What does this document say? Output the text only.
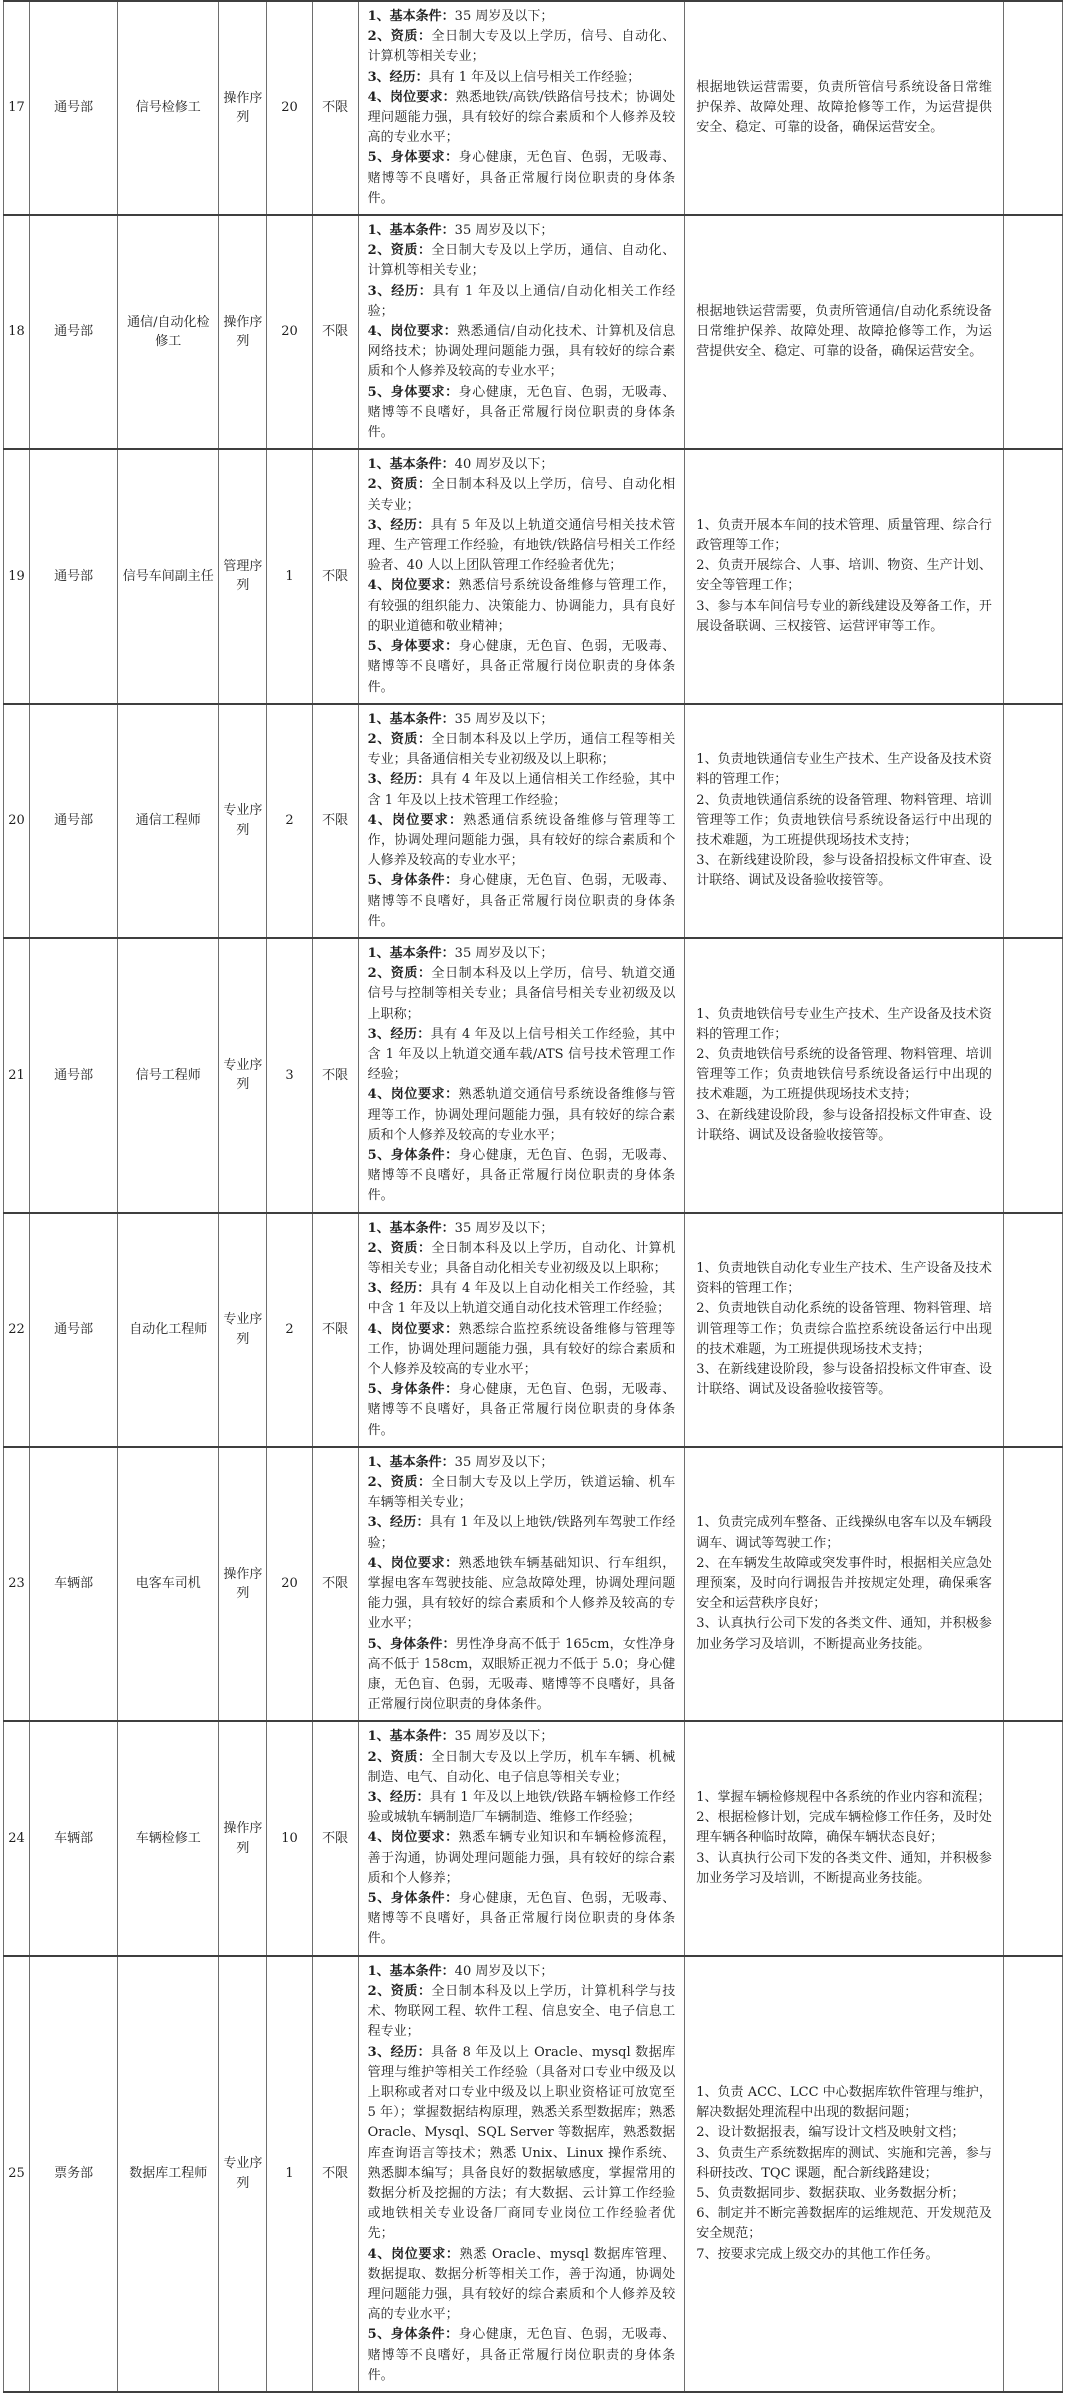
17	通号部	信号检修工	操作序列	20	不限	1、基本条件：35 周岁及以下；
2、资质：全日制大专及以上学历，信号、自动化、计算机等相关专业；
3、经历：具有 1 年及以上信号相关工作经验；
4、岗位要求：熟悉地铁/高铁/铁路信号技术；协调处理问题能力强，具有较好的综合素质和个人修养及较高的专业水平；
5、身体要求：身心健康，无色盲、色弱，无吸毒、赌博等不良嗜好，具备正常履行岗位职责的身体条件。	根据地铁运营需要，负责所管信号系统设备日常维护保养、故障处理、故障抢修等工作，为运营提供安全、稳定、可靠的设备，确保运营安全。	

18	通号部	通信/自动化检修工	操作序列	20	不限	1、基本条件：35 周岁及以下；
2、资质：全日制大专及以上学历，通信、自动化、计算机等相关专业；
3、经历：具有 1 年及以上通信/自动化相关工作经验；
4、岗位要求：熟悉通信/自动化技术、计算机及信息网络技术；协调处理问题能力强，具有较好的综合素质和个人修养及较高的专业水平；
5、身体要求：身心健康，无色盲、色弱，无吸毒、赌博等不良嗜好，具备正常履行岗位职责的身体条件。	根据地铁运营需要，负责所管通信/自动化系统设备日常维护保养、故障处理、故障抢修等工作，为运营提供安全、稳定、可靠的设备，确保运营安全。	

19	通号部	信号车间副主任	管理序列	1	不限	
1、基本条件：40 周岁及以下；
2、资质：全日制本科及以上学历，信号、自动化相关专业；
3、经历：具有 5 年及以上轨道交通信号相关技术管理、生产管理工作经验，有地铁/铁路信号相关工作经验者、40 人以上团队管理工作经验者优先；
4、岗位要求：熟悉信号系统设备维修与管理工作，有较强的组织能力、决策能力、协调能力，具有良好的职业道德和敬业精神；
5、身体要求：身心健康，无色盲、色弱，无吸毒、赌博等不良嗜好，具备正常履行岗位职责的身体条件。

1、负责开展本车间的技术管理、质量管理、综合行政管理等工作；
2、负责开展综合、人事、培训、物资、生产计划、安全等管理工作；
3、参与本车间信号专业的新线建设及筹备工作，开展设备联调、三权接管、运营评审等工作。

20	通号部	通信工程师	专业序列	2	不限	
1、基本条件：35 周岁及以下；
2、资质：全日制本科及以上学历，通信工程等相关专业；具备通信相关专业初级及以上职称；
3、经历：具有 4 年及以上通信相关工作经验，其中含 1 年及以上技术管理工作经验；
4、岗位要求：熟悉通信系统设备维修与管理等工作，协调处理问题能力强，具有较好的综合素质和个人修养及较高的专业水平；
5、身体条件：身心健康，无色盲、色弱，无吸毒、赌博等不良嗜好，具备正常履行岗位职责的身体条件。

1、负责地铁通信专业生产技术、生产设备及技术资料的管理工作；
2、负责地铁通信系统的设备管理、物料管理、培训管理等工作；负责地铁信号系统设备运行中出现的技术难题，为工班提供现场技术支持；
3、在新线建设阶段，参与设备招投标文件审查、设计联络、调试及设备验收接管等。

21	通号部	信号工程师	专业序列	3	不限	
1、基本条件：35 周岁及以下；
2、资质：全日制本科及以上学历，信号、轨道交通信号与控制等相关专业；具备信号相关专业初级及以上职称；
3、经历：具有 4 年及以上信号相关工作经验，其中含 1 年及以上轨道交通车载/ATS 信号技术管理工作经验；
4、岗位要求：熟悉轨道交通信号系统设备维修与管理等工作，协调处理问题能力强，具有较好的综合素质和个人修养及较高的专业水平；
5、身体条件：身心健康，无色盲、色弱，无吸毒、赌博等不良嗜好，具备正常履行岗位职责的身体条件。

1、负责地铁信号专业生产技术、生产设备及技术资料的管理工作；
2、负责地铁信号系统的设备管理、物料管理、培训管理等工作；负责地铁信号系统设备运行中出现的技术难题，为工班提供现场技术支持；
3、在新线建设阶段，参与设备招投标文件审查、设计联络、调试及设备验收接管等。

22	通号部	自动化工程师	专业序列	2	不限	
1、基本条件：35 周岁及以下；
2、资质：全日制本科及以上学历，自动化、计算机等相关专业；具备自动化相关专业初级及以上职称；
3、经历：具有 4 年及以上自动化相关工作经验，其中含 1 年及以上轨道交通自动化技术管理工作经验；
4、岗位要求：熟悉综合监控系统设备维修与管理等工作，协调处理问题能力强，具有较好的综合素质和个人修养及较高的专业水平；
5、身体条件：身心健康，无色盲、色弱，无吸毒、赌博等不良嗜好，具备正常履行岗位职责的身体条件。

1、负责地铁自动化专业生产技术、生产设备及技术资料的管理工作；
2、负责地铁自动化系统的设备管理、物料管理、培训管理等工作；负责综合监控系统设备运行中出现的技术难题，为工班提供现场技术支持；
3、在新线建设阶段，参与设备招投标文件审查、设计联络、调试及设备验收接管等。

23	车辆部	电客车司机	操作序列	20	不限	
1、基本条件：35 周岁及以下；
2、资质：全日制大专及以上学历，铁道运输、机车车辆等相关专业；
3、经历：具有 1 年及以上地铁/铁路列车驾驶工作经验；
4、岗位要求：熟悉地铁车辆基础知识、行车组织，掌握电客车驾驶技能、应急故障处理，协调处理问题能力强，具有较好的综合素质和个人修养及较高的专业水平；
5、身体条件：男性净身高不低于 165cm，女性净身高不低于 158cm，双眼矫正视力不低于 5.0；身心健康，无色盲、色弱，无吸毒、赌博等不良嗜好，具备正常履行岗位职责的身体条件。

1、负责完成列车整备、正线操纵电客车以及车辆段调车、调试等驾驶工作；
2、在车辆发生故障或突发事件时，根据相关应急处理预案，及时向行调报告并按规定处理，确保乘客安全和运营秩序良好；
3、认真执行公司下发的各类文件、通知，并积极参加业务学习及培训，不断提高业务技能。

24	车辆部	车辆检修工	操作序列	10	不限	
1、基本条件：35 周岁及以下；
2、资质：全日制大专及以上学历，机车车辆、机械制造、电气、自动化、电子信息等相关专业；
3、经历：具有 1 年及以上地铁/铁路车辆检修工作经验或城轨车辆制造厂车辆制造、维修工作经验；
4、岗位要求：熟悉车辆专业知识和车辆检修流程，善于沟通，协调处理问题能力强，具有较好的综合素质和个人修养；
5、身体条件：身心健康，无色盲、色弱，无吸毒、赌博等不良嗜好，具备正常履行岗位职责的身体条件。

1、掌握车辆检修规程中各系统的作业内容和流程；
2、根据检修计划，完成车辆检修工作任务，及时处理车辆各种临时故障，确保车辆状态良好；
3、认真执行公司下发的各类文件、通知，并积极参加业务学习及培训，不断提高业务技能。

25	票务部	数据库工程师	专业序列	1	不限	
1、基本条件：40 周岁及以下；
2、资质：全日制本科及以上学历，计算机科学与技术、物联网工程、软件工程、信息安全、电子信息工程专业；
3、经历：具备 8 年及以上 Oracle、mysql 数据库管理与维护等相关工作经验（具备对口专业中级及以上职称或者对口专业中级及以上职业资格证可放宽至 5 年）；掌握数据结构原理，熟悉关系型数据库；熟悉 Oracle、Mysql、SQL Server 等数据库，熟悉数据库查询语言等技术；熟悉 Unix、Linux 操作系统、熟悉脚本编写；具备良好的数据敏感度，掌握常用的数据分析及挖掘的方法；有大数据、云计算工作经验或地铁相关专业设备厂商同专业岗位工作经验者优先；
4、岗位要求：熟悉 Oracle、mysql 数据库管理、数据提取、数据分析等相关工作，善于沟通，协调处理问题能力强，具有较好的综合素质和个人修养及较高的专业水平；
5、身体条件：身心健康，无色盲、色弱，无吸毒、赌博等不良嗜好，具备正常履行岗位职责的身体条件。

1、负责 ACC、LCC 中心数据库软件管理与维护，解决数据处理流程中出现的数据问题；
2、设计数据报表，编写设计文档及映射文档；
3、负责生产系统数据库的测试、实施和完善，参与科研技改、TQC 课题，配合新线路建设；
5、负责数据同步、数据获取、业务数据分析；
6、制定并不断完善数据库的运维规范、开发规范及安全规范；
7、按要求完成上级交办的其他工作任务。
